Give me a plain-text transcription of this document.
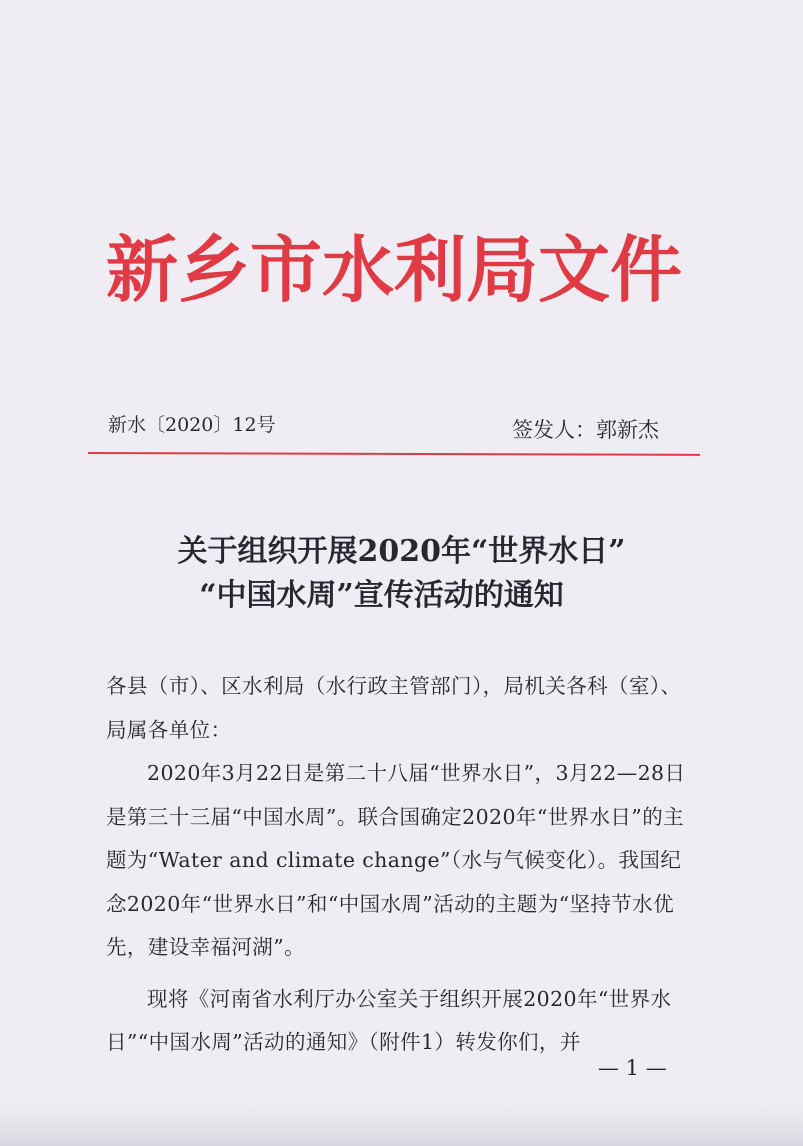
新乡市水利局文件
新水〔2020〕12号	签发人：郭新杰
关于组织开展2020年“世界水日”
“中国水周”宣传活动的通知

各县（市）、区水利局（水行政主管部门），局机关各科（室）、局属各单位：

2020年3月22日是第二十八届“世界水日”，3月22—28日是第三十三届“中国水周”。联合国确定2020年“世界水日”的主题为“Water and climate change”（水与气候变化）。我国纪念2020年“世界水日”和“中国水周”活动的主题为“坚持节水优先，建设幸福河湖”。

现将《河南省水利厅办公室关于组织开展2020年“世界水日”“中国水周”活动的通知》（附件1）转发你们，并

— 1 —
